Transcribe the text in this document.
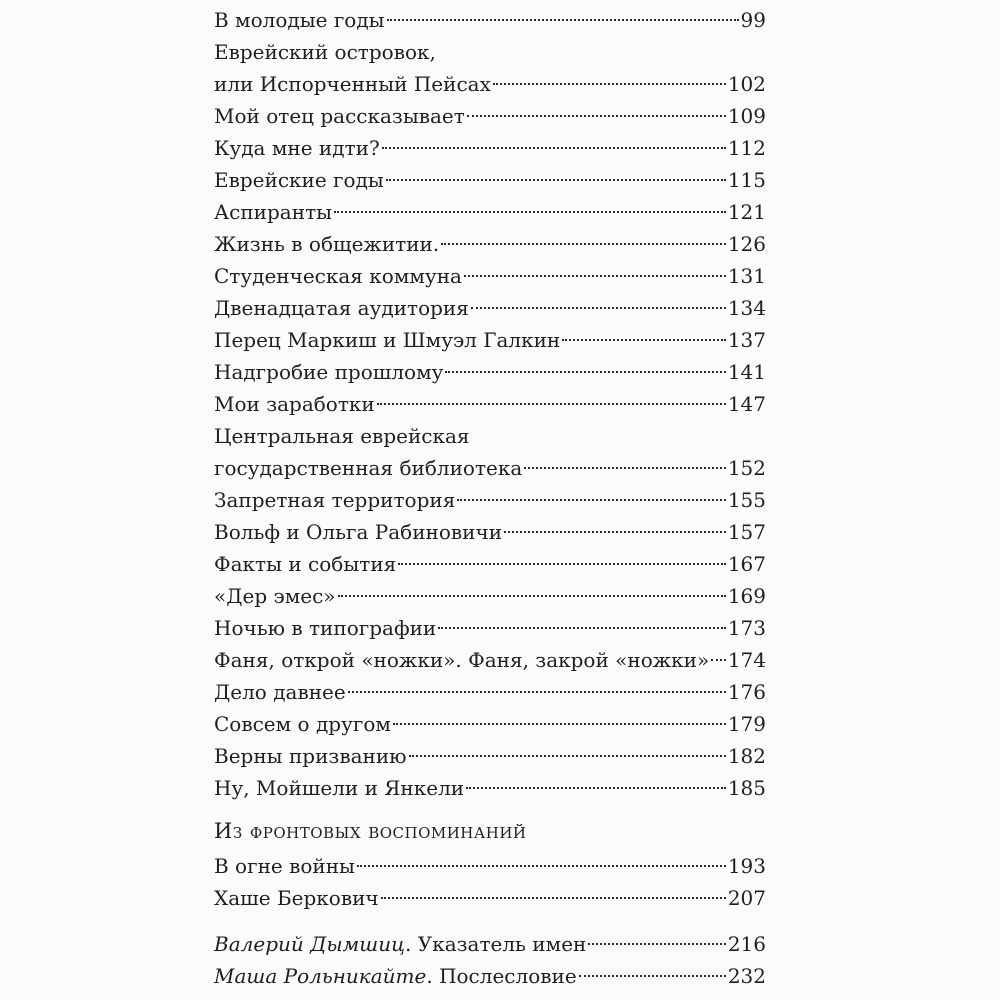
В молодые годы	99
Еврейский островок,
или Испорченный Пейсах	102
Мой отец рассказывает	109
Куда мне идти?	112
Еврейские годы	115
Аспиранты	121
Жизнь в общежитии.	126
Студенческая коммуна	131
Двенадцатая аудитория	134
Перец Маркиш и Шмуэл Галкин	137
Надгробие прошлому	141
Мои заработки	147
Центральная еврейская
государственная библиотека	152
Запретная территория	155
Вольф и Ольга Рабиновичи	157
Факты и события	167
«Дер эмес»	169
Ночью в типографии	173
Фаня, открой «ножки». Фаня, закрой «ножки» 174
Дело давнее	176
Совсем о другом	179
Верны призванию	182
Ну, Мойшели и Янкели	185
Из фронтовых воспоминаний
В огне войны	193
Хаше Беркович	207
Валерий Дымшиц. Указатель имен	216
Маша Рольникайте. Послесловие	232
